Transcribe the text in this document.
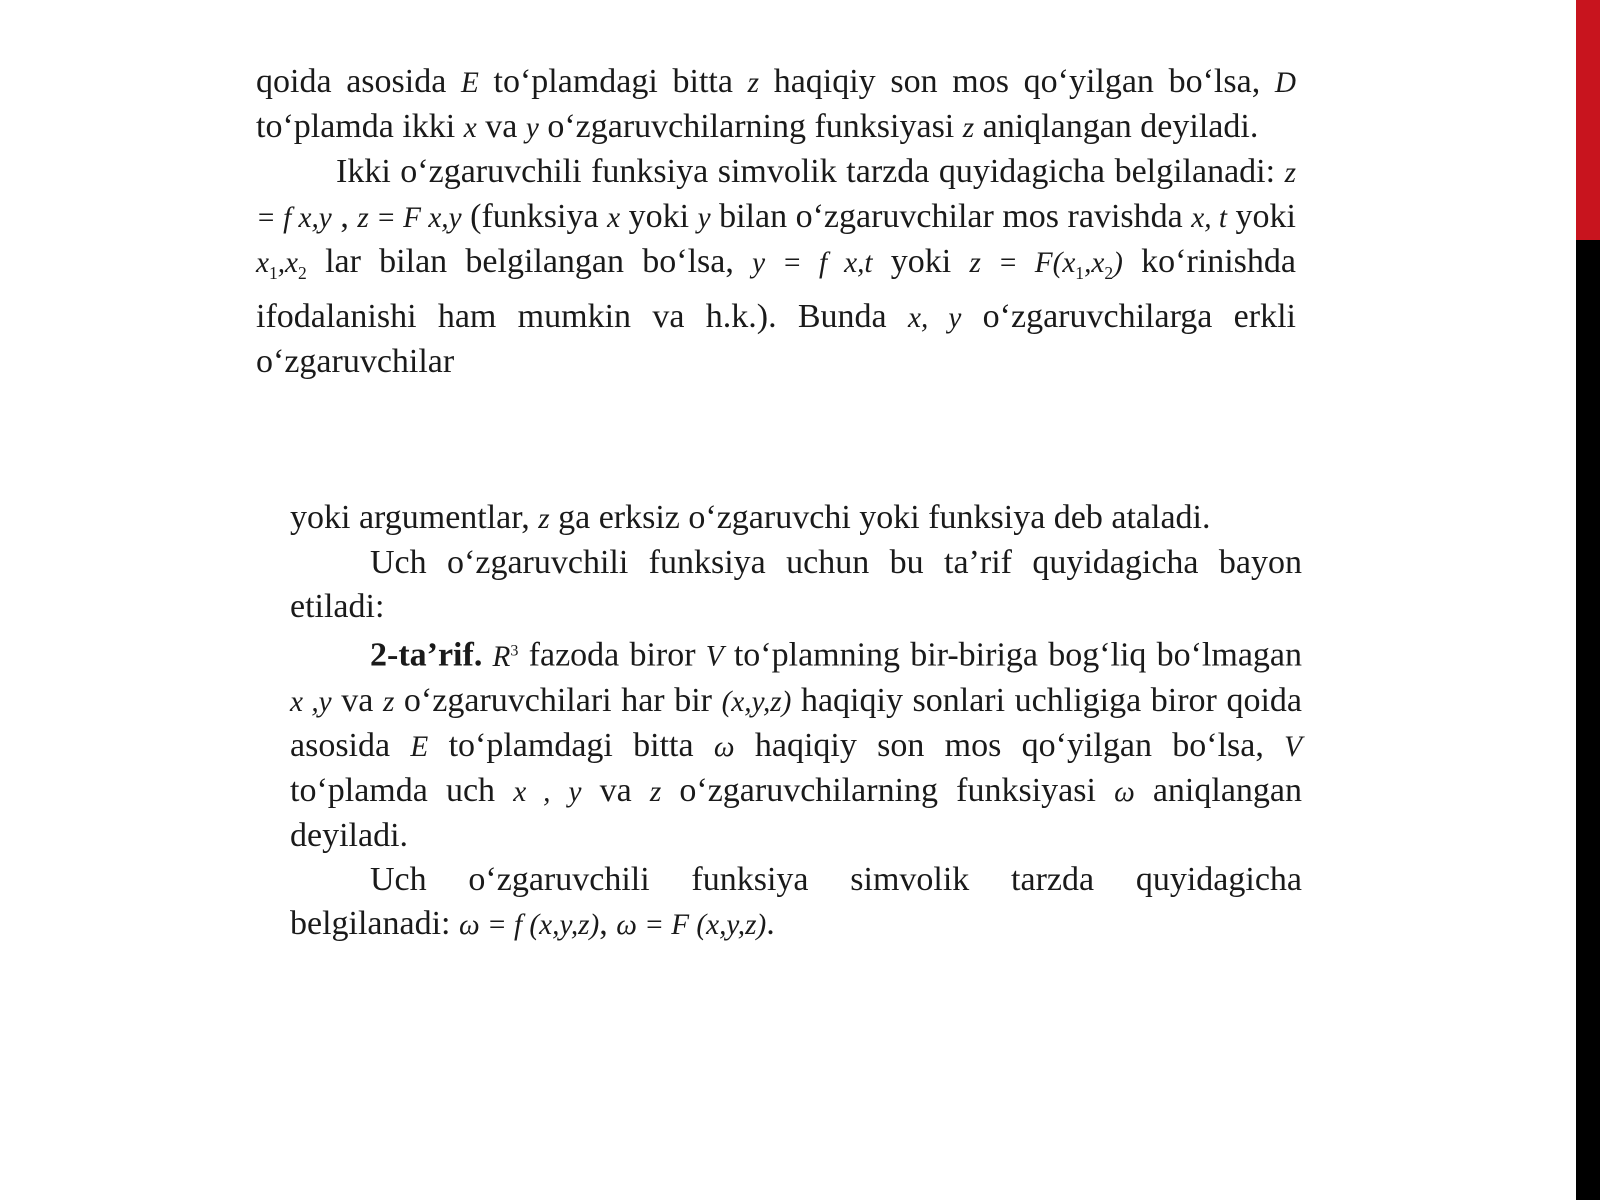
qoida asosida E to‘plamdagi bitta z haqiqiy son mos qo‘yilgan bo‘lsa, D to‘plamda ikki x va y o‘zgaruvchilarning funksiyasi z aniqlangan deyiladi.

Ikki o‘zgaruvchili funksiya simvolik tarzda quyidagicha belgilanadi: z = f x,y , z = F x,y (funksiya x yoki y bilan o‘zgaruvchilar mos ravishda x, t yoki $x_1,x_2$ lar bilan belgilangan bo‘lsa, y = f x,t yoki $z = F(x_1,x_2)$ ko‘rinishda ifodalanishi ham mumkin va h.k.). Bunda x, y o‘zgaruvchilarga erkli o‘zgaruvchilar

yoki argumentlar, z ga erksiz o‘zgaruvchi yoki funksiya deb ataladi.

Uch o‘zgaruvchili funksiya uchun bu ta’rif quyidagicha bayon etiladi:

2-ta’rif. $R^3$ fazoda biror V to‘plamning bir-biriga bog‘liq bo‘lmagan x ,y va z o‘zgaruvchilari har bir (x,y,z) haqiqiy sonlari uchligiga biror qoida asosida E to‘plamdagi bitta ω haqiqiy son mos qo‘yilgan bo‘lsa, V to‘plamda uch x , y va z o‘zgaruvchilarning funksiyasi ω aniqlangan deyiladi.

Uch o‘zgaruvchili funksiya simvolik tarzda quyidagicha belgilanadi: ω = f (x,y,z), ω = F (x,y,z).
